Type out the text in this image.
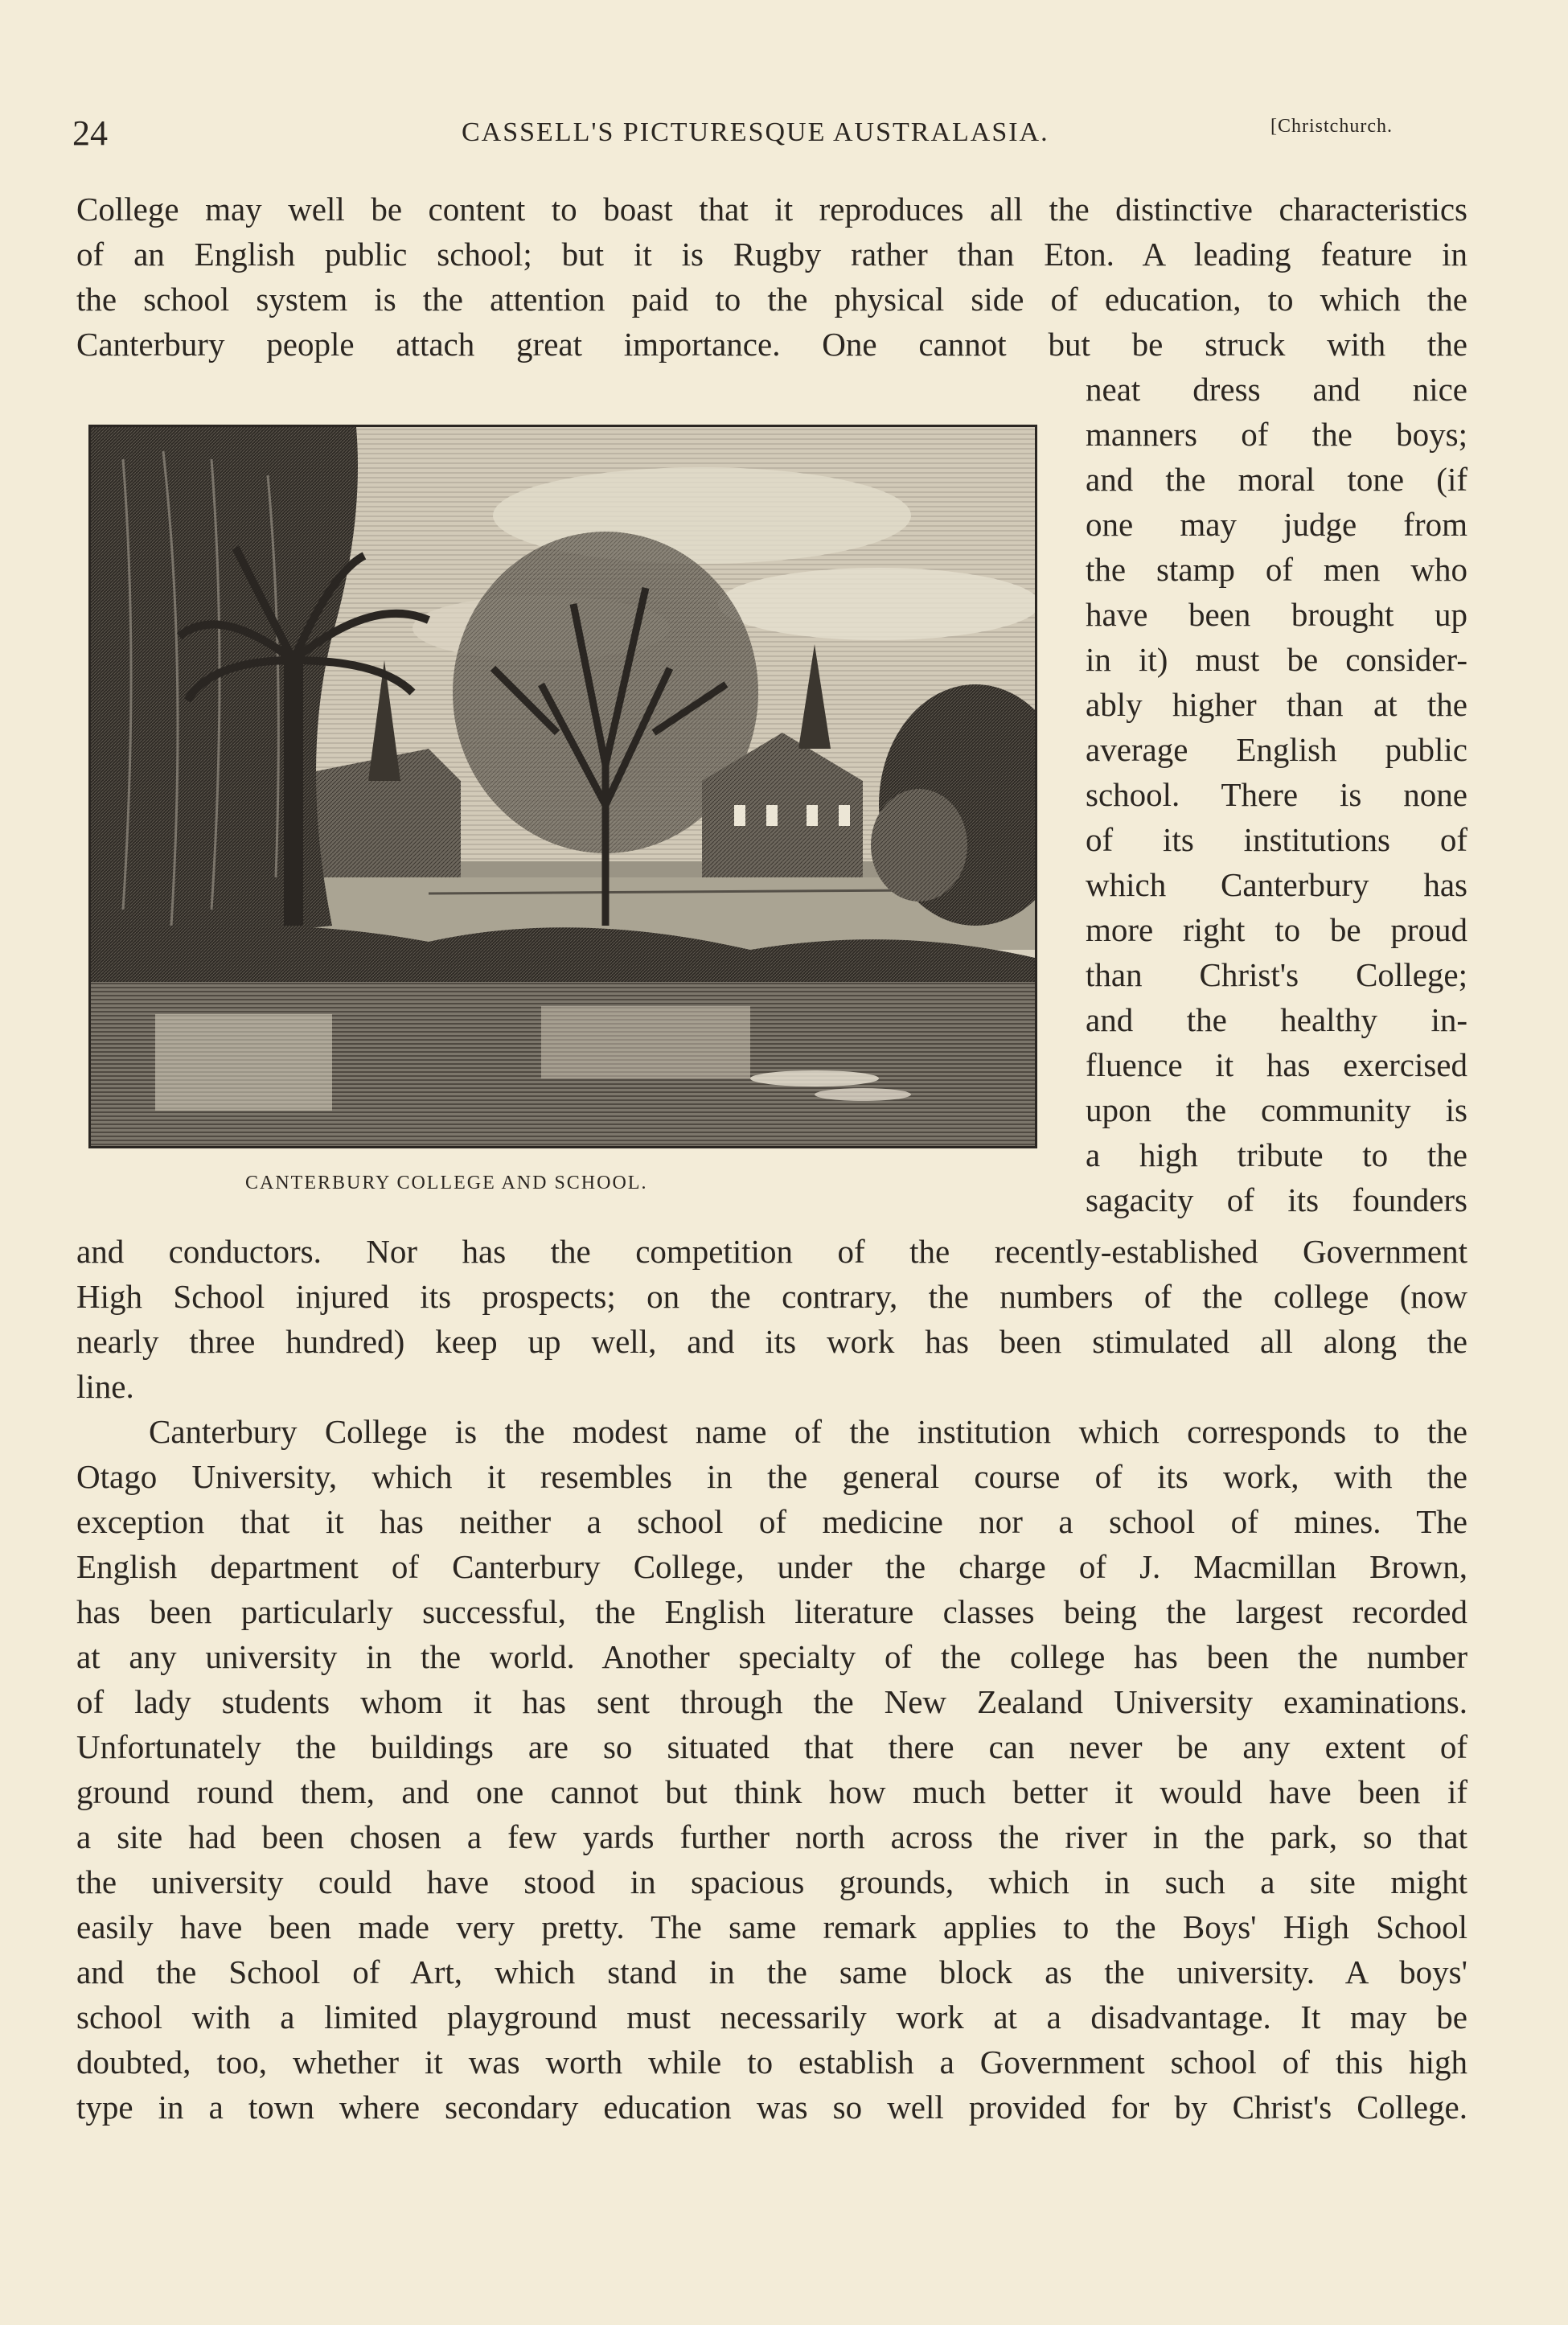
24	CASSELL'S PICTURESQUE AUSTRALASIA.	[Christchurch.
College may well be content to boast that it reproduces all the distinctive characteristics
of an English public school; but it is Rugby rather than Eton. A leading feature in
the school system is the attention paid to the physical side of education, to which the
Canterbury people attach great importance. One cannot but be struck with the
neat dress and nice
manners of the boys;
and the moral tone (if
one may judge from
the stamp of men who
have been brought up
in it) must be consider-
ably higher than at the
average English public
school. There is none
of its institutions of
which Canterbury has
more right to be proud
than Christ's College;
and the healthy in-
fluence it has exercised
upon the community is
a high tribute to the
sagacity of its founders
CANTERBURY COLLEGE AND SCHOOL.
and conductors. Nor has the competition of the recently-established Government
High School injured its prospects; on the contrary, the numbers of the college (now
nearly three hundred) keep up well, and its work has been stimulated all along the
line.
Canterbury College is the modest name of the institution which corresponds to the
Otago University, which it resembles in the general course of its work, with the
exception that it has neither a school of medicine nor a school of mines. The
English department of Canterbury College, under the charge of J. Macmillan Brown,
has been particularly successful, the English literature classes being the largest recorded
at any university in the world. Another specialty of the college has been the number
of lady students whom it has sent through the New Zealand University examinations.
Unfortunately the buildings are so situated that there can never be any extent of
ground round them, and one cannot but think how much better it would have been if
a site had been chosen a few yards further north across the river in the park, so that
the university could have stood in spacious grounds, which in such a site might
easily have been made very pretty. The same remark applies to the Boys' High School
and the School of Art, which stand in the same block as the university. A boys'
school with a limited playground must necessarily work at a disadvantage. It may be
doubted, too, whether it was worth while to establish a Government school of this high
type in a town where secondary education was so well provided for by Christ's College.
